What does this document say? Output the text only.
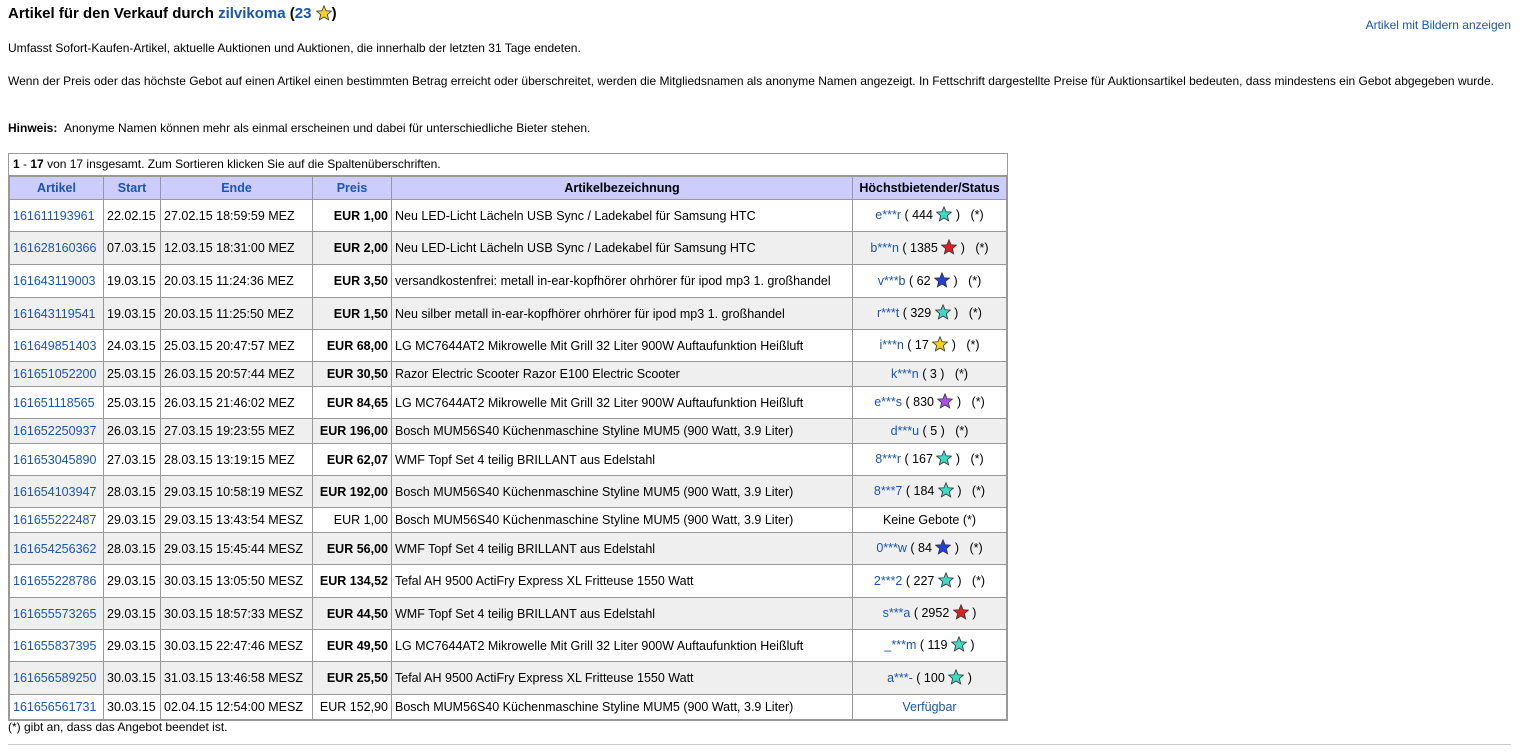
Artikel für den Verkauf durch zilvikoma (23 )
Artikel mit Bildern anzeigen
Umfasst Sofort-Kaufen-Artikel, aktuelle Auktionen und Auktionen, die innerhalb der letzten 31 Tage endeten.
Wenn der Preis oder das höchste Gebot auf einen Artikel einen bestimmten Betrag erreicht oder überschreitet, werden die Mitgliedsnamen als anonyme Namen angezeigt. In Fettschrift dargestellte Preise für Auktionsartikel bedeuten, dass mindestens ein Gebot abgegeben wurde.
Hinweis: Anonyme Namen können mehr als einmal erscheinen und dabei für unterschiedliche Bieter stehen.
1 - 17 von 17 insgesamt. Zum Sortieren klicken Sie auf die Spaltenüberschriften.
Artikel	Start	Ende	Preis	Artikelbezeichnung	Höchstbietender/Status
161611193961	22.02.15	27.02.15 18:59:59 MEZ	EUR 1,00	Neu LED-Licht Lächeln USB Sync / Ladekabel für Samsung HTC	e***r ( 444  )   (*)
161628160366	07.03.15	12.03.15 18:31:00 MEZ	EUR 2,00	Neu LED-Licht Lächeln USB Sync / Ladekabel für Samsung HTC	b***n ( 1385  )   (*)
161643119003	19.03.15	20.03.15 11:24:36 MEZ	EUR 3,50	versandkostenfrei: metall in-ear-kopfhörer ohrhörer für ipod mp3 1. großhandel	v***b ( 62  )   (*)
161643119541	19.03.15	20.03.15 11:25:50 MEZ	EUR 1,50	Neu silber metall in-ear-kopfhörer ohrhörer für ipod mp3 1. großhandel	r***t ( 329  )   (*)
161649851403	24.03.15	25.03.15 20:47:57 MEZ	EUR 68,00	LG MC7644AT2 Mikrowelle Mit Grill 32 Liter 900W Auftaufunktion Heißluft	i***n ( 17  )   (*)
161651052200	25.03.15	26.03.15 20:57:44 MEZ	EUR 30,50	Razor Electric Scooter Razor E100 Electric Scooter	k***n ( 3 )   (*)
161651118565	25.03.15	26.03.15 21:46:02 MEZ	EUR 84,65	LG MC7644AT2 Mikrowelle Mit Grill 32 Liter 900W Auftaufunktion Heißluft	e***s ( 830  )   (*)
161652250937	26.03.15	27.03.15 19:23:55 MEZ	EUR 196,00	Bosch MUM56S40 Küchenmaschine Styline MUM5 (900 Watt, 3.9 Liter)	d***u ( 5 )   (*)
161653045890	27.03.15	28.03.15 13:19:15 MEZ	EUR 62,07	WMF Topf Set 4 teilig BRILLANT aus Edelstahl	8***r ( 167  )   (*)
161654103947	28.03.15	29.03.15 10:58:19 MESZ	EUR 192,00	Bosch MUM56S40 Küchenmaschine Styline MUM5 (900 Watt, 3.9 Liter)	8***7 ( 184  )   (*)
161655222487	29.03.15	29.03.15 13:43:54 MESZ	EUR 1,00	Bosch MUM56S40 Küchenmaschine Styline MUM5 (900 Watt, 3.9 Liter)	Keine Gebote (*)
161654256362	28.03.15	29.03.15 15:45:44 MESZ	EUR 56,00	WMF Topf Set 4 teilig BRILLANT aus Edelstahl	0***w ( 84  )   (*)
161655228786	29.03.15	30.03.15 13:05:50 MESZ	EUR 134,52	Tefal AH 9500 ActiFry Express XL Fritteuse 1550 Watt	2***2 ( 227  )   (*)
161655573265	29.03.15	30.03.15 18:57:33 MESZ	EUR 44,50	WMF Topf Set 4 teilig BRILLANT aus Edelstahl	s***a ( 2952  )
161655837395	29.03.15	30.03.15 22:47:46 MESZ	EUR 49,50	LG MC7644AT2 Mikrowelle Mit Grill 32 Liter 900W Auftaufunktion Heißluft	_***m ( 119  )
161656589250	30.03.15	31.03.15 13:46:58 MESZ	EUR 25,50	Tefal AH 9500 ActiFry Express XL Fritteuse 1550 Watt	a***- ( 100  )
161656561731	30.03.15	02.04.15 12:54:00 MESZ	EUR 152,90	Bosch MUM56S40 Küchenmaschine Styline MUM5 (900 Watt, 3.9 Liter)	Verfügbar
(*) gibt an, dass das Angebot beendet ist.
